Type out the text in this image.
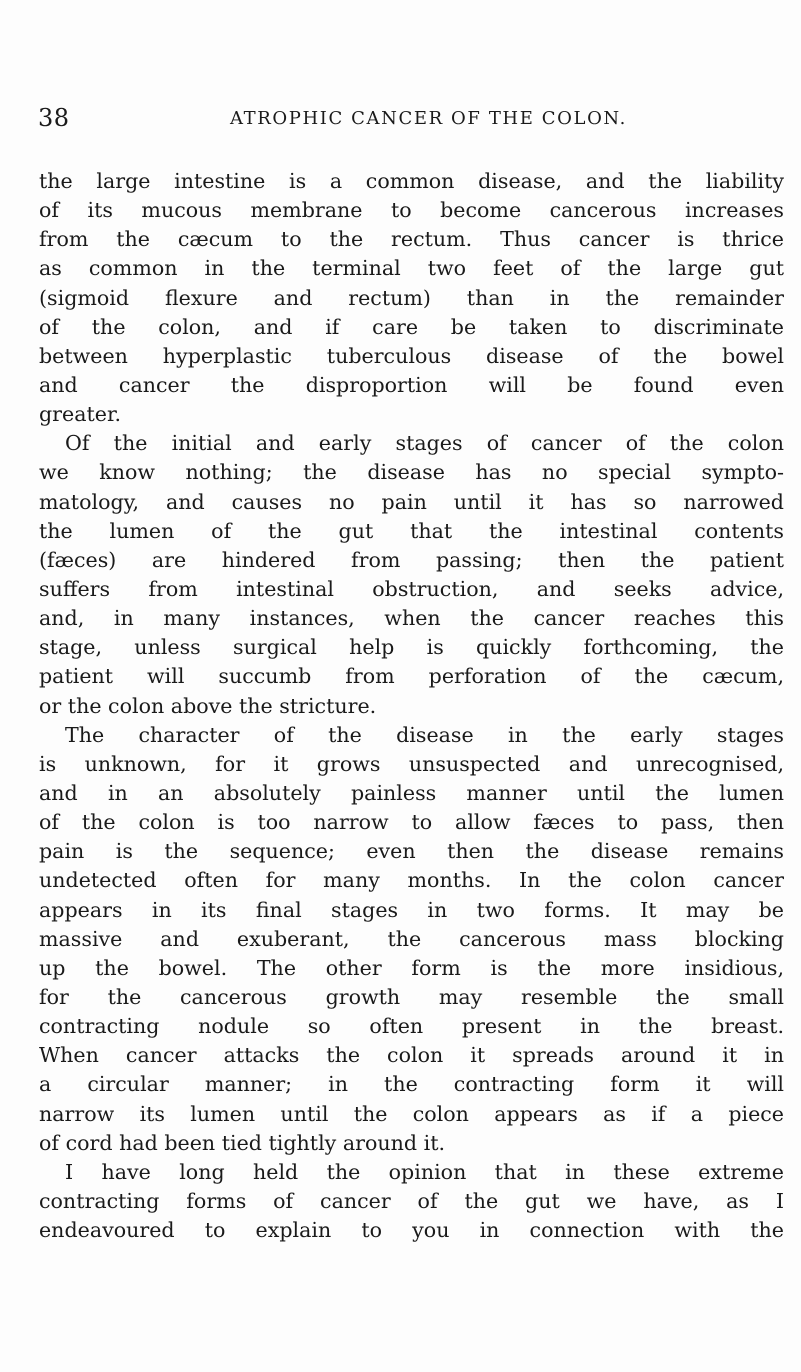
38	ATROPHIC CANCER OF THE COLON.
the large intestine is a common disease, and the liability
of its mucous membrane to become cancerous increases
from the cæcum to the rectum. Thus cancer is thrice
as common in the terminal two feet of the large gut
(sigmoid flexure and rectum) than in the remainder
of the colon, and if care be taken to discriminate
between hyperplastic tuberculous disease of the bowel
and cancer the disproportion will be found even
greater.
Of the initial and early stages of cancer of the colon
we know nothing; the disease has no special sympto-
matology, and causes no pain until it has so narrowed
the lumen of the gut that the intestinal contents
(fæces) are hindered from passing; then the patient
suffers from intestinal obstruction, and seeks advice,
and, in many instances, when the cancer reaches this
stage, unless surgical help is quickly forthcoming, the
patient will succumb from perforation of the cæcum,
or the colon above the stricture.
The character of the disease in the early stages
is unknown, for it grows unsuspected and unrecognised,
and in an absolutely painless manner until the lumen
of the colon is too narrow to allow fæces to pass, then
pain is the sequence; even then the disease remains
undetected often for many months. In the colon cancer
appears in its final stages in two forms. It may be
massive and exuberant, the cancerous mass blocking
up the bowel. The other form is the more insidious,
for the cancerous growth may resemble the small
contracting nodule so often present in the breast.
When cancer attacks the colon it spreads around it in
a circular manner; in the contracting form it will
narrow its lumen until the colon appears as if a piece
of cord had been tied tightly around it.
I have long held the opinion that in these extreme
contracting forms of cancer of the gut we have, as I
endeavoured to explain to you in connection with the
